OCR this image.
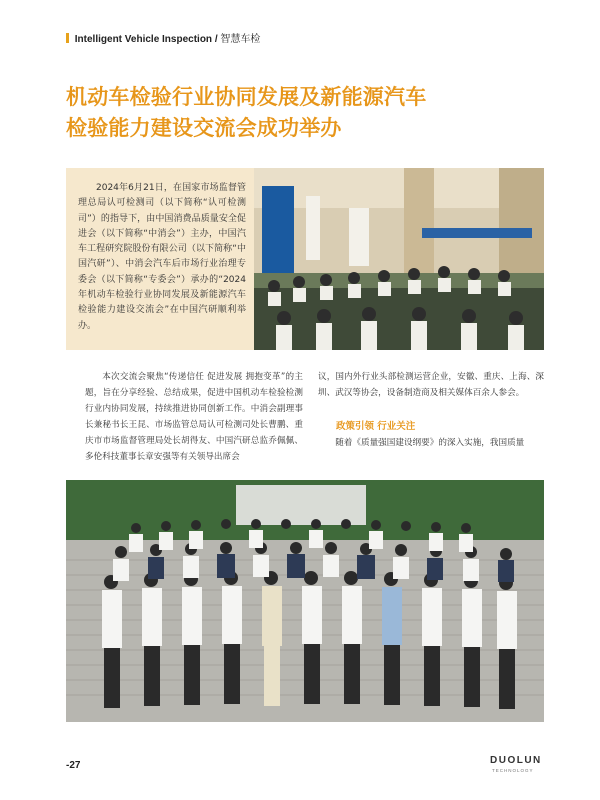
Intelligent Vehicle Inspection / 智慧车检
机动车检验行业协同发展及新能源汽车
检验能力建设交流会成功举办

2024年6月21日，在国家市场监督管理总局认可检测司（以下简称“认可检测司”）的指导下，由中国消费品质量安全促进会（以下简称“中消会”）主办，中国汽车工程研究院股份有限公司（以下简称“中国汽研”）、中消会汽车后市场行业治理专委会（以下简称“专委会”）承办的“2024年机动车检验行业协同发展及新能源汽车检验能力建设交流会”在中国汽研顺利举办。

本次交流会聚焦“传递信任 促进发展 拥抱变革”的主题，旨在分享经验、总结成果，促进中国机动车检验检测行业内协同发展，持续推进协同创新工作。中消会副理事长兼秘书长王昆、市场监管总局认可检测司处长曹鹏、重庆市市场监督管理局处长胡得友、中国汽研总监乔佩佩、多伦科技董事长章安强等有关领导出席会

议，国内外行业头部检测运营企业，安徽、重庆、上海、深圳、武汉等协会，设备制造商及相关媒体百余人参会。

政策引领 行业关注

随着《质量强国建设纲要》的深入实施，我国质量

-27	DUOLUN
TECHNOLOGY
